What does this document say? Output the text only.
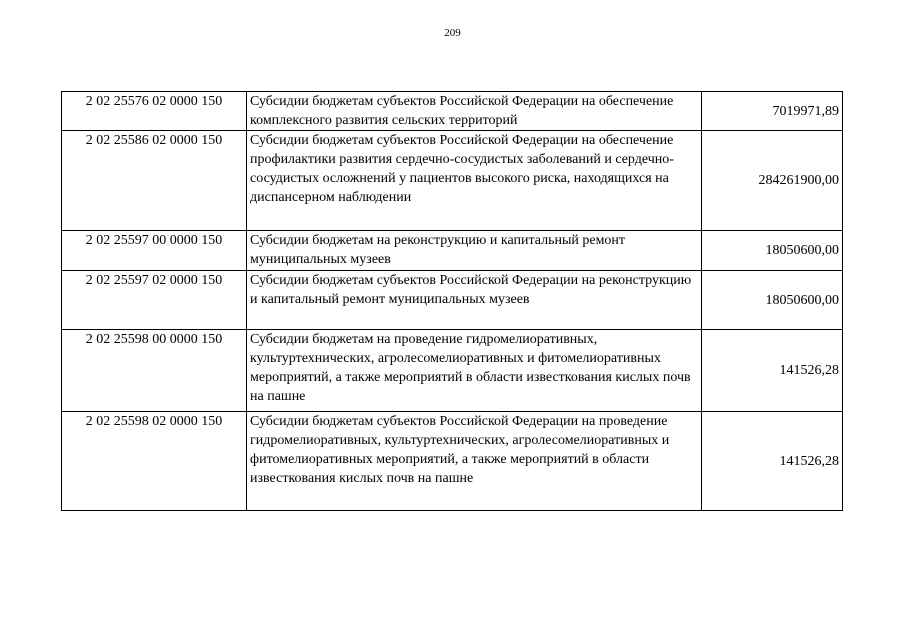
209
2 02 25576 02 0000 150	Субсидии бюджетам субъектов Российской Федерации на обеспечение комплексного развития сельских территорий	7019971,89
2 02 25586 02 0000 150	Субсидии бюджетам субъектов Российской Федерации на обеспечение профилактики развития сердечно-сосудистых заболеваний и сердечно-сосудистых осложнений у пациентов высокого риска, находящихся на диспансерном наблюдении	284261900,00
2 02 25597 00 0000 150	Субсидии бюджетам на реконструкцию и капитальный ремонт муниципальных музеев	18050600,00
2 02 25597 02 0000 150	Субсидии бюджетам субъектов Российской Федерации на реконструкцию и капитальный ремонт муниципальных музеев	18050600,00
2 02 25598 00 0000 150	Субсидии бюджетам на проведение гидромелиоративных, культуртехнических, агролесомелиоративных и фитомелиоративных мероприятий, а также мероприятий в области известкования кислых почв на пашне	141526,28
2 02 25598 02 0000 150	Субсидии бюджетам субъектов Российской Федерации на проведение гидромелиоративных, культуртехнических, агролесомелиоративных и фитомелиоративных мероприятий, а также мероприятий в области известкования кислых почв на пашне	141526,28
